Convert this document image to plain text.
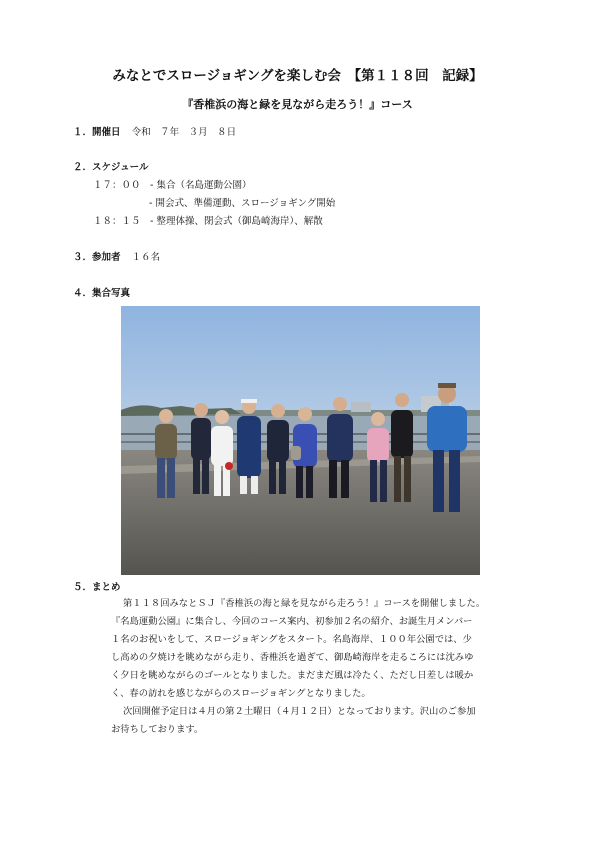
みなとでスロージョギングを楽しむ会　【第１１８回　記録】
『香椎浜の海と緑を見ながら走ろう！』コース
１．開催日 令和　７年　３月　８日
２．スケジュール
１７：００　- 集合（名島運動公園）
- 開会式、準備運動、スロージョギング開始
１８：１５　- 整理体操、閉会式（御島崎海岸）、解散
３．参加者 １６名
４．集合写真
５．まとめ
第１１８回みなとＳＪ『香椎浜の海と緑を見ながら走ろう！』コースを開催しました。
『名島運動公園』に集合し、今回のコース案内、初参加２名の紹介、お誕生月メンバー
１名のお祝いをして、スロージョギングをスタート。名島海岸、１００年公園では、少
し高めの夕焼けを眺めながら走り、香椎浜を過ぎて、御島崎海岸を走るころには沈みゆ
く夕日を眺めながらのゴールとなりました。まだまだ風は冷たく、ただし日差しは暖か
く、春の訪れを感じながらのスロージョギングとなりました。
次回開催予定日は４月の第２土曜日（４月１２日）となっております。沢山のご参加
お待ちしております。
